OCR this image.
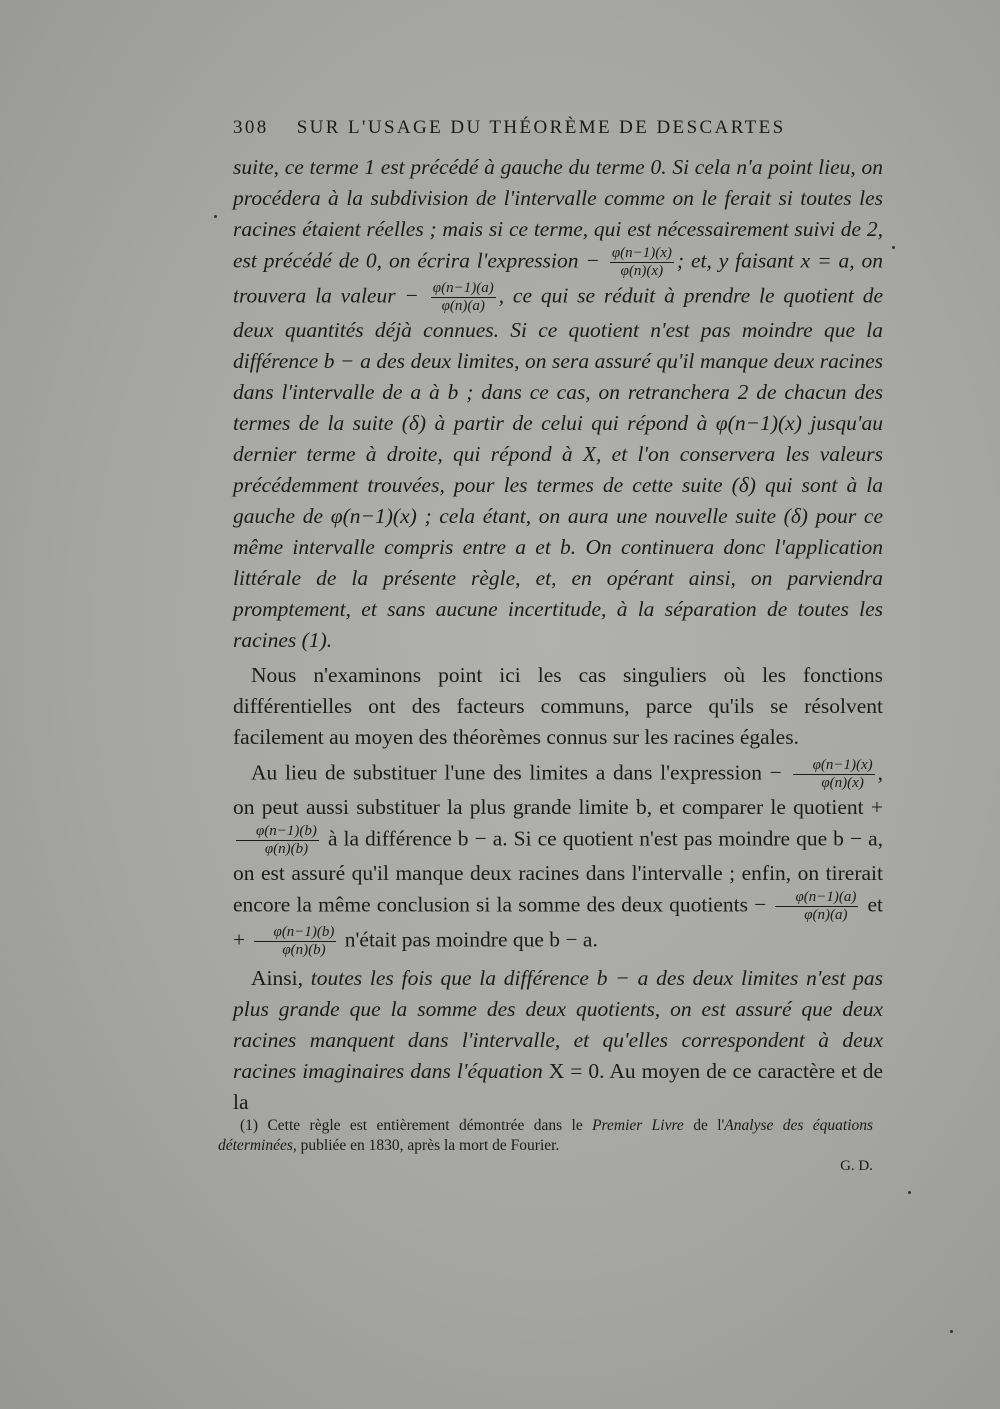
308 SUR L'USAGE DU THÉORÈME DE DESCARTES

suite, ce terme 1 est précédé à gauche du terme 0. Si cela n'a point lieu, on procédera à la subdivision de l'intervalle comme on le ferait si toutes les racines étaient réelles ; mais si ce terme, qui est nécessairement suivi de 2, est précédé de 0, on écrira l'expression − $\frac{\varphi(n-1)(x)}{\varphi(n)(x)}$ ; et, y faisant x = a, on trouvera la valeur − $\frac{\varphi(n-1)(a)}{\varphi(n)(a)}$ , ce qui se réduit à prendre le quotient de deux quantités déjà connues. Si ce quotient n'est pas moindre que la différence b − a des deux limites, on sera assuré qu'il manque deux racines dans l'intervalle de a à b ; dans ce cas, on retranchera 2 de chacun des termes de la suite (δ) à partir de celui qui répond à φ(n−1)(x) jusqu'au dernier terme à droite, qui répond à X, et l'on conservera les valeurs précédemment trouvées, pour les termes de cette suite (δ) qui sont à la gauche de φ(n−1)(x) ; cela étant, on aura une nouvelle suite (δ) pour ce même intervalle compris entre a et b. On continuera donc l'application littérale de la présente règle, et, en opérant ainsi, on parviendra promptement, et sans aucune incertitude, à la séparation de toutes les racines (1).

Nous n'examinons point ici les cas singuliers où les fonctions différentielles ont des facteurs communs, parce qu'ils se résolvent facilement au moyen des théorèmes connus sur les racines égales.

Au lieu de substituer l'une des limites a dans l'expression − $\frac{\varphi(n-1)(x)}{\varphi(n)(x)}$ , on peut aussi substituer la plus grande limite b, et comparer le quotient +
$\frac{\varphi(n-1)(b)}{\varphi(n)(b)}$ à la différence b − a. Si ce quotient n'est pas moindre que b − a, on est assuré qu'il manque deux racines dans l'intervalle ; enfin, on tirerait encore la même conclusion si la somme des deux quotients − $\frac{\varphi(n-1)(a)}{\varphi(n)(a)}$ et + $\frac{\varphi(n-1)(b)}{\varphi(n)(b)}$ n'était pas moindre que b − a.

Ainsi, toutes les fois que la différence b − a des deux limites n'est pas plus grande que la somme des deux quotients, on est assuré que deux racines manquent dans l'intervalle, et qu'elles correspondent à deux racines imaginaires dans l'équation X = 0. Au moyen de ce caractère et de la

(1) Cette règle est entièrement démontrée dans le Premier Livre de l'Analyse des équations déterminées, publiée en 1830, après la mort de Fourier.
G. D.
